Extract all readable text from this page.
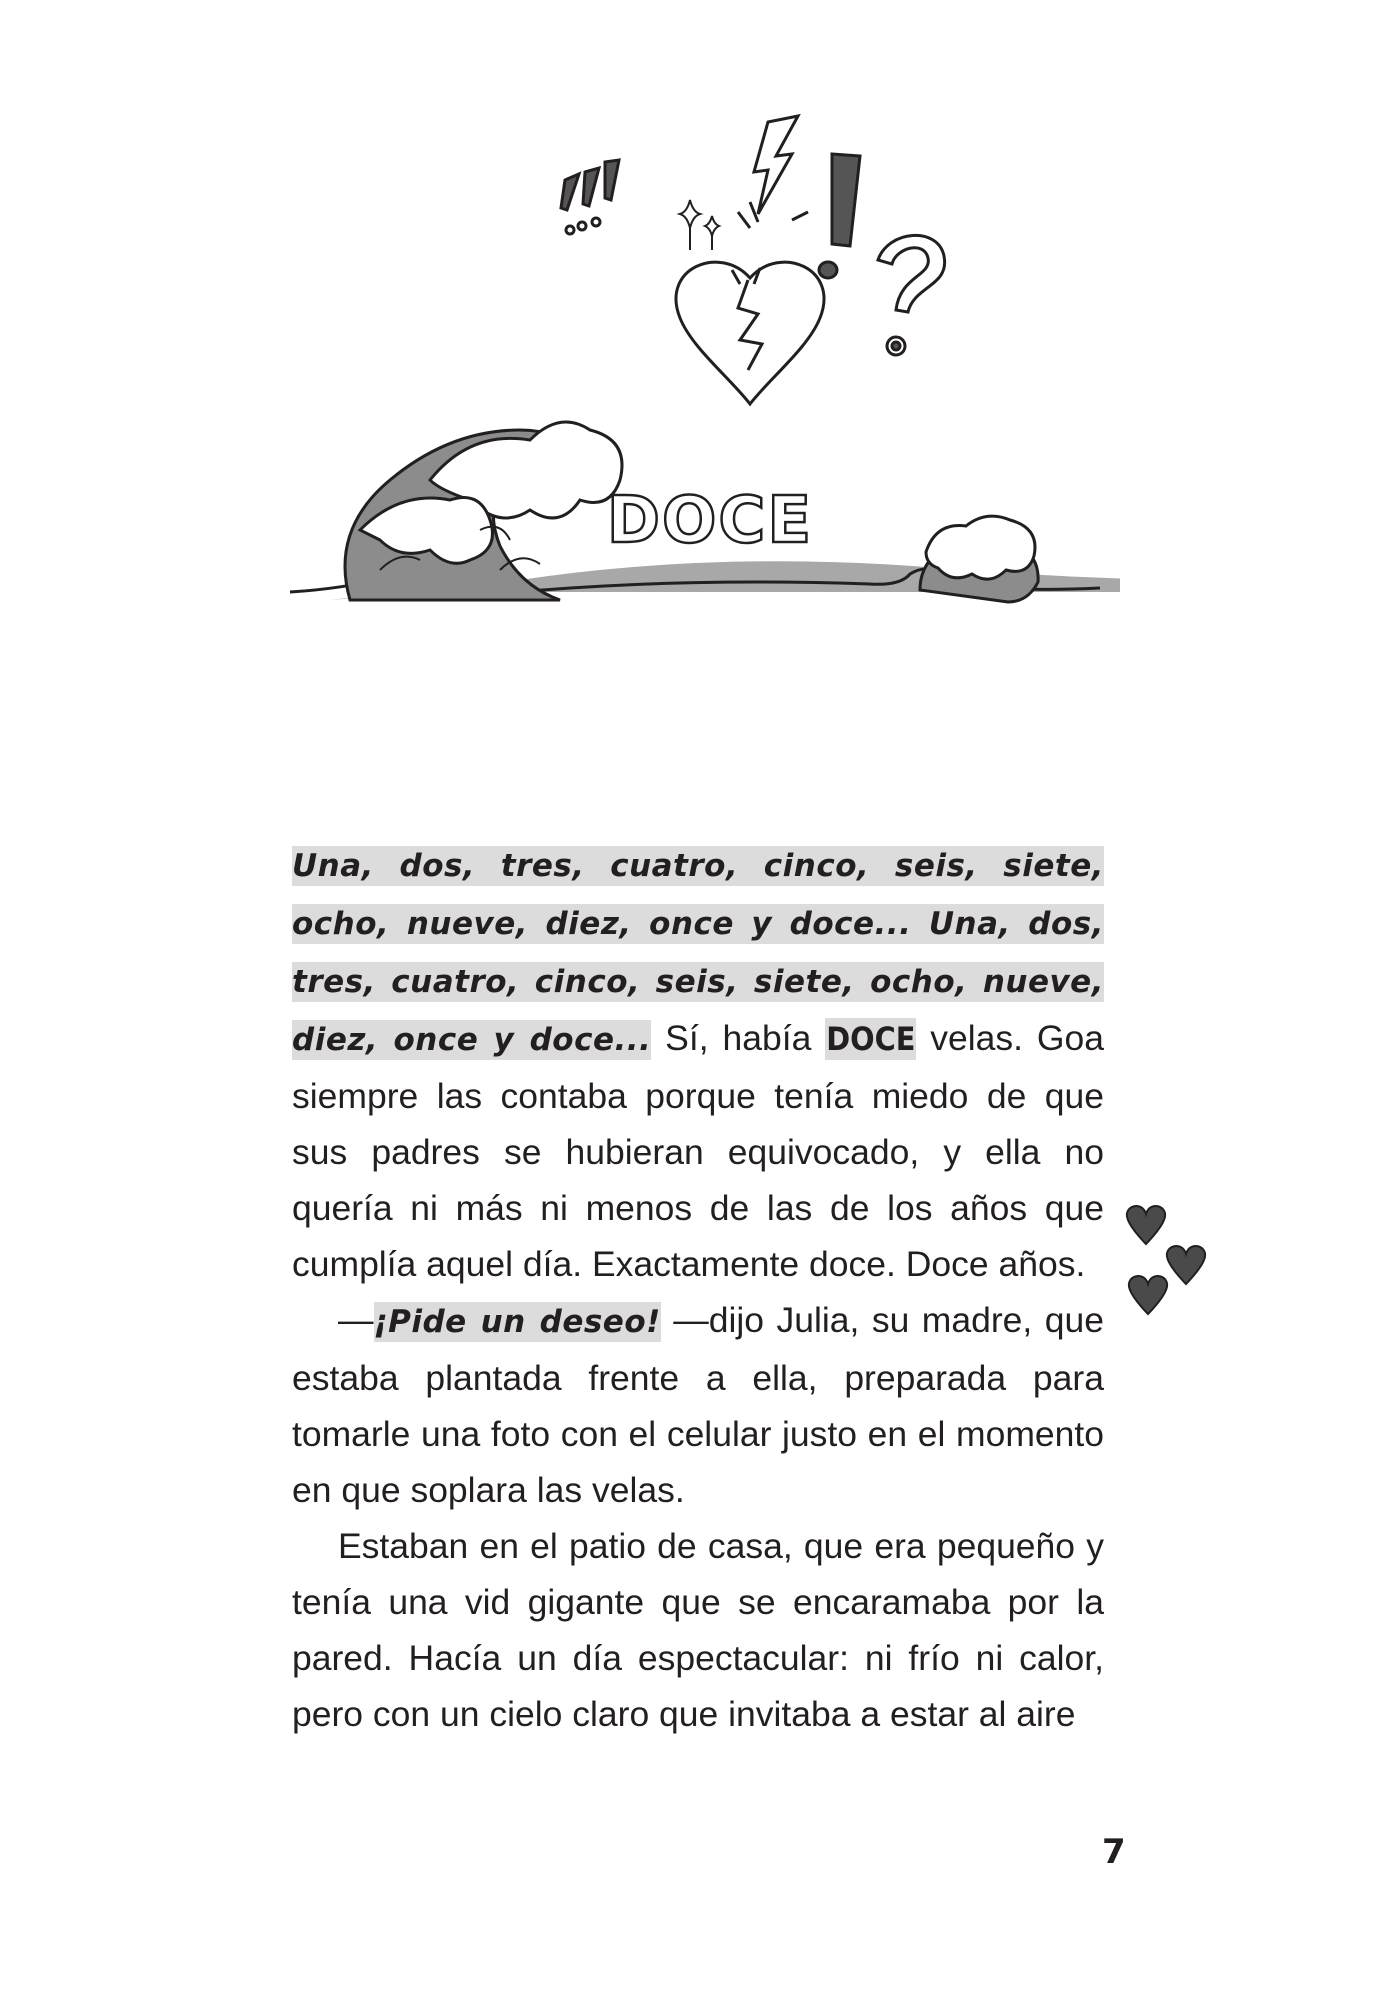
DOCE

Una, dos, tres, cuatro, cinco, seis, siete, ocho, nueve, diez, once y doce... Una, dos, tres, cuatro, cinco, seis, siete, ocho, nueve, diez, once y doce... Sí, había DOCE velas. Goa siempre las contaba porque tenía miedo de que sus padres se hubieran equivocado, y ella no quería ni más ni menos de las de los años que cumplía aquel día. Exactamente doce. Doce años.

—¡Pide un deseo! —dijo Julia, su madre, que estaba plantada frente a ella, preparada para tomarle una foto con el celular justo en el momento en que soplara las velas.

Estaban en el patio de casa, que era pequeño y tenía una vid gigante que se encaramaba por la pared. Hacía un día espectacular: ni frío ni calor, pero con un cielo claro que invitaba a estar al aire

7
